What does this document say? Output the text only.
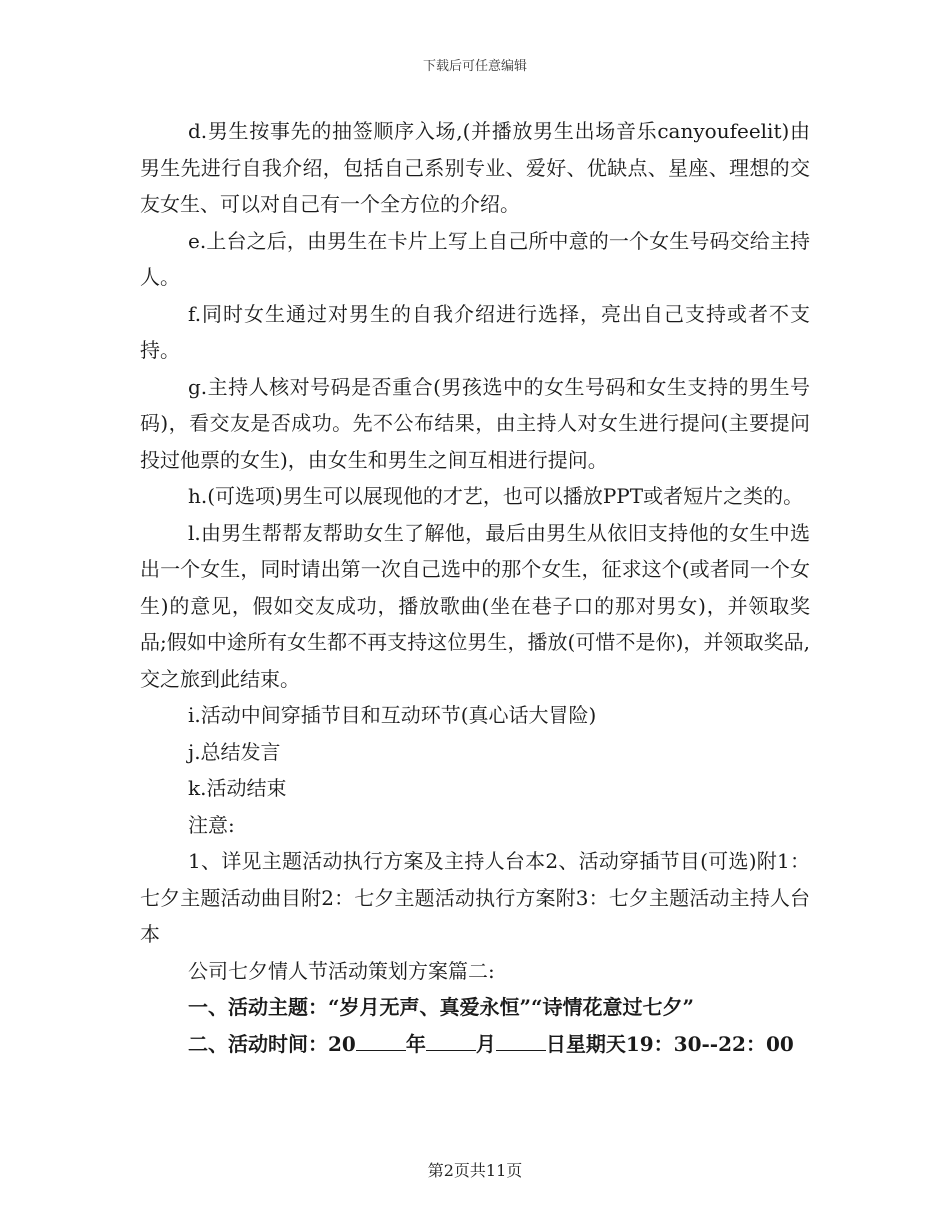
下载后可任意编辑

d.男生按事先的抽签顺序入场,(并播放男生出场音乐canyoufeelit)由男生先进行自我介绍，包括自己系别专业、爱好、优缺点、星座、理想的交友女生、可以对自己有一个全方位的介绍。

e.上台之后，由男生在卡片上写上自己所中意的一个女生号码交给主持人。

f.同时女生通过对男生的自我介绍进行选择，亮出自己支持或者不支持。

g.主持人核对号码是否重合(男孩选中的女生号码和女生支持的男生号码)，看交友是否成功。先不公布结果，由主持人对女生进行提问(主要提问投过他票的女生)，由女生和男生之间互相进行提问。

h.(可选项)男生可以展现他的才艺，也可以播放PPT或者短片之类的。

l.由男生帮帮友帮助女生了解他，最后由男生从依旧支持他的女生中选出一个女生，同时请出第一次自己选中的那个女生，征求这个(或者同一个女生)的意见，假如交友成功，播放歌曲(坐在巷子口的那对男女)，并领取奖品;假如中途所有女生都不再支持这位男生，播放(可惜不是你)，并领取奖品,交之旅到此结束。

i.活动中间穿插节目和互动环节(真心话大冒险)

j.总结发言

k.活动结束

注意:

1、详见主题活动执行方案及主持人台本2、活动穿插节目(可选)附1：七夕主题活动曲目附2：七夕主题活动执行方案附3：七夕主题活动主持人台本

公司七夕情人节活动策划方案篇二:

一、活动主题：“岁月无声、真爱永恒”“诗情花意过七夕”

二、活动时间：20	年	月	日星期天19：30--22：00

第2页共11页
